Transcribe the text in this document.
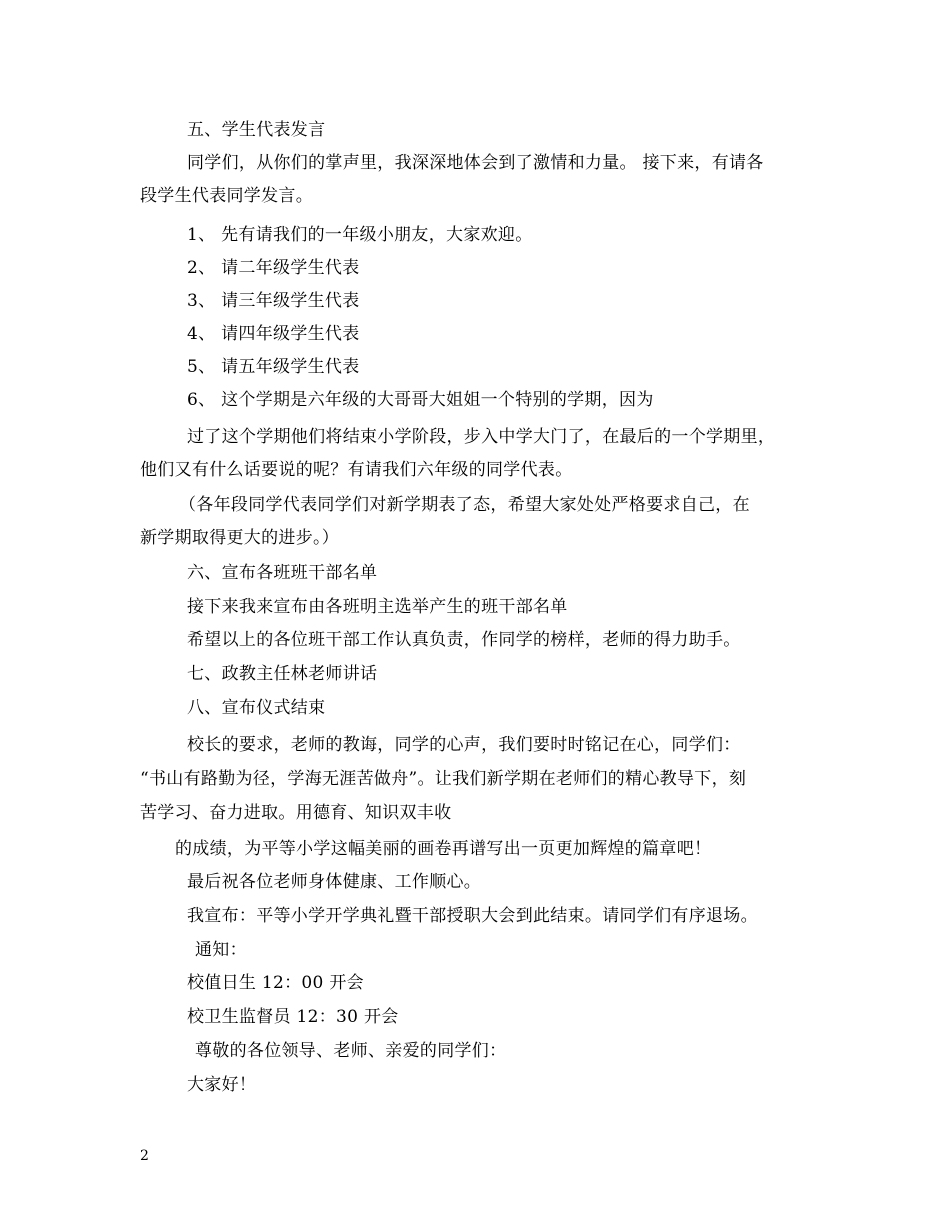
五、学生代表发言
同学们，从你们的掌声里，我深深地体会到了激情和力量。 接下来，有请各
段学生代表同学发言。
1、 先有请我们的一年级小朋友，大家欢迎。
2、 请二年级学生代表
3、 请三年级学生代表
4、 请四年级学生代表
5、 请五年级学生代表
6、 这个学期是六年级的大哥哥大姐姐一个特别的学期，因为
过了这个学期他们将结束小学阶段，步入中学大门了，在最后的一个学期里，
他们又有什么话要说的呢？有请我们六年级的同学代表。
（各年段同学代表同学们对新学期表了态，希望大家处处严格要求自己，在
新学期取得更大的进步。）
六、宣布各班班干部名单
接下来我来宣布由各班明主选举产生的班干部名单
希望以上的各位班干部工作认真负责，作同学的榜样，老师的得力助手。
七、政教主任林老师讲话
八、宣布仪式结束
校长的要求，老师的教诲，同学的心声，我们要时时铭记在心，同学们：
“书山有路勤为径，学海无涯苦做舟”。让我们新学期在老师们的精心教导下，刻
苦学习、奋力进取。用德育、知识双丰收
的成绩，为平等小学这幅美丽的画卷再谱写出一页更加辉煌的篇章吧！
最后祝各位老师身体健康、工作顺心。
我宣布：平等小学开学典礼暨干部授职大会到此结束。请同学们有序退场。
通知：
校值日生 12：00 开会
校卫生监督员 12：30 开会
尊敬的各位领导、老师、亲爱的同学们：
大家好！
2
